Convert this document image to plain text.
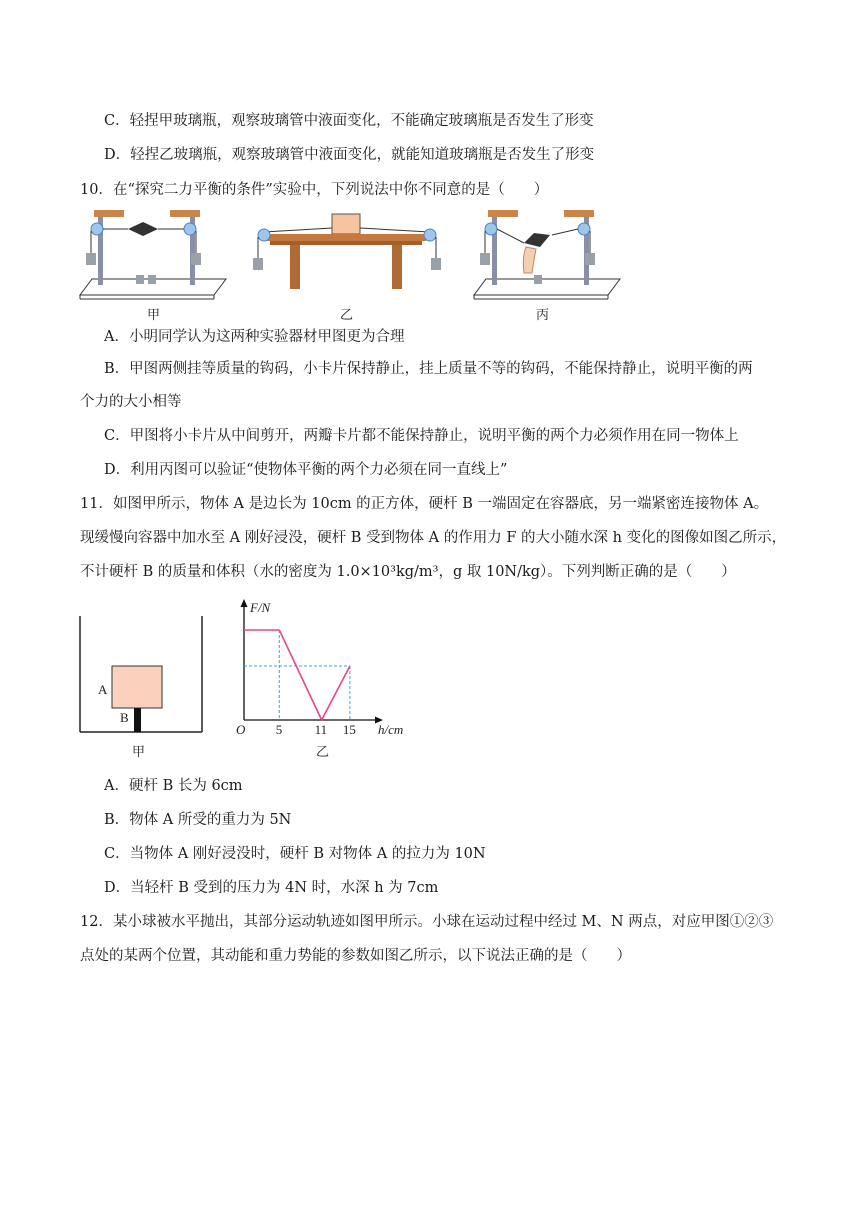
C．轻捏甲玻璃瓶，观察玻璃管中液面变化，不能确定玻璃瓶是否发生了形变
D．轻捏乙玻璃瓶，观察玻璃管中液面变化，就能知道玻璃瓶是否发生了形变
10．在“探究二力平衡的条件”实验中，下列说法中你不同意的是（　　）
甲	乙	丙
A．小明同学认为这两种实验器材甲图更为合理
B．甲图两侧挂等质量的钩码，小卡片保持静止，挂上质量不等的钩码，不能保持静止，说明平衡的两
个力的大小相等
C．甲图将小卡片从中间剪开，两瓣卡片都不能保持静止，说明平衡的两个力必须作用在同一物体上
D．利用丙图可以验证“使物体平衡的两个力必须在同一直线上”
11．如图甲所示，物体 A 是边长为 10cm 的正方体，硬杆 B 一端固定在容器底，另一端紧密连接物体 A。
现缓慢向容器中加水至 A 刚好浸没，硬杆 B 受到物体 A 的作用力 F 的大小随水深 h 变化的图像如图乙所示，
不计硬杆 B 的质量和体积（水的密度为 1.0×10³kg/m³，g 取 10N/kg）。下列判断正确的是（　　）
A
B
甲
F/N
h/cm
O 5 11 15
乙
A．硬杆 B 长为 6cm
B．物体 A 所受的重力为 5N
C．当物体 A 刚好浸没时，硬杆 B 对物体 A 的拉力为 10N
D．当轻杆 B 受到的压力为 4N 时，水深 h 为 7cm
12．某小球被水平抛出，其部分运动轨迹如图甲所示。小球在运动过程中经过 M、N 两点，对应甲图①②③
点处的某两个位置，其动能和重力势能的参数如图乙所示，以下说法正确的是（　　）
